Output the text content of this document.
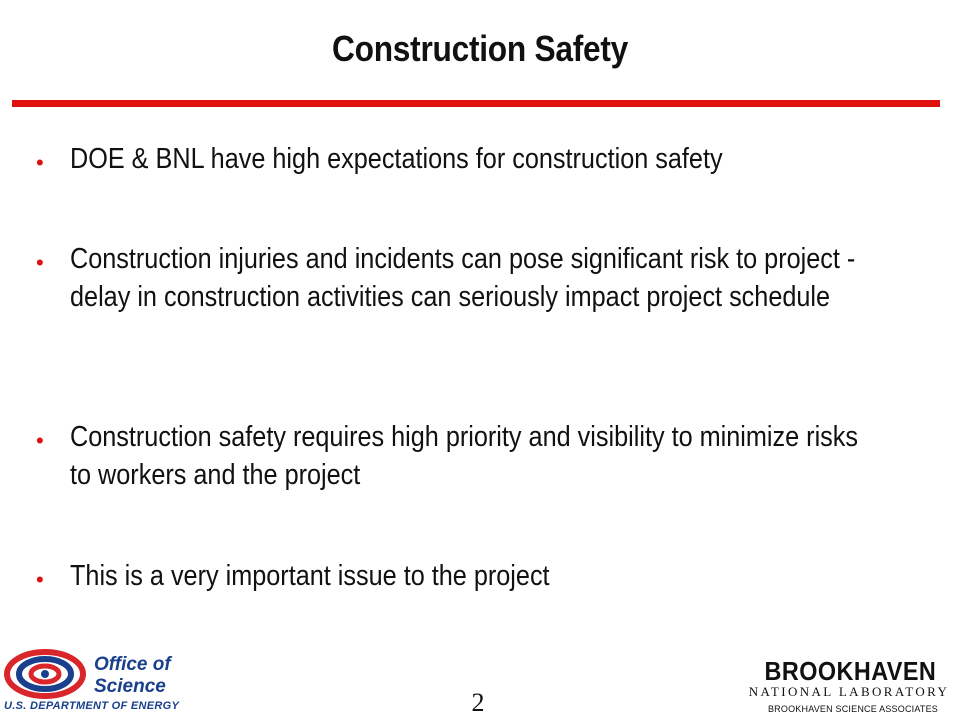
Construction Safety
• DOE & BNL have high expectations for construction safety
• Construction injuries and incidents can pose significant risk to project - delay in construction activities can seriously impact project schedule
• Construction safety requires high priority and visibility to minimize risks to workers and the project
• This is a very important issue to the project
Office of
Science
U.S. DEPARTMENT OF ENERGY	2
BROOKHAVEN
NATIONAL LABORATORY
BROOKHAVEN SCIENCE ASSOCIATES
